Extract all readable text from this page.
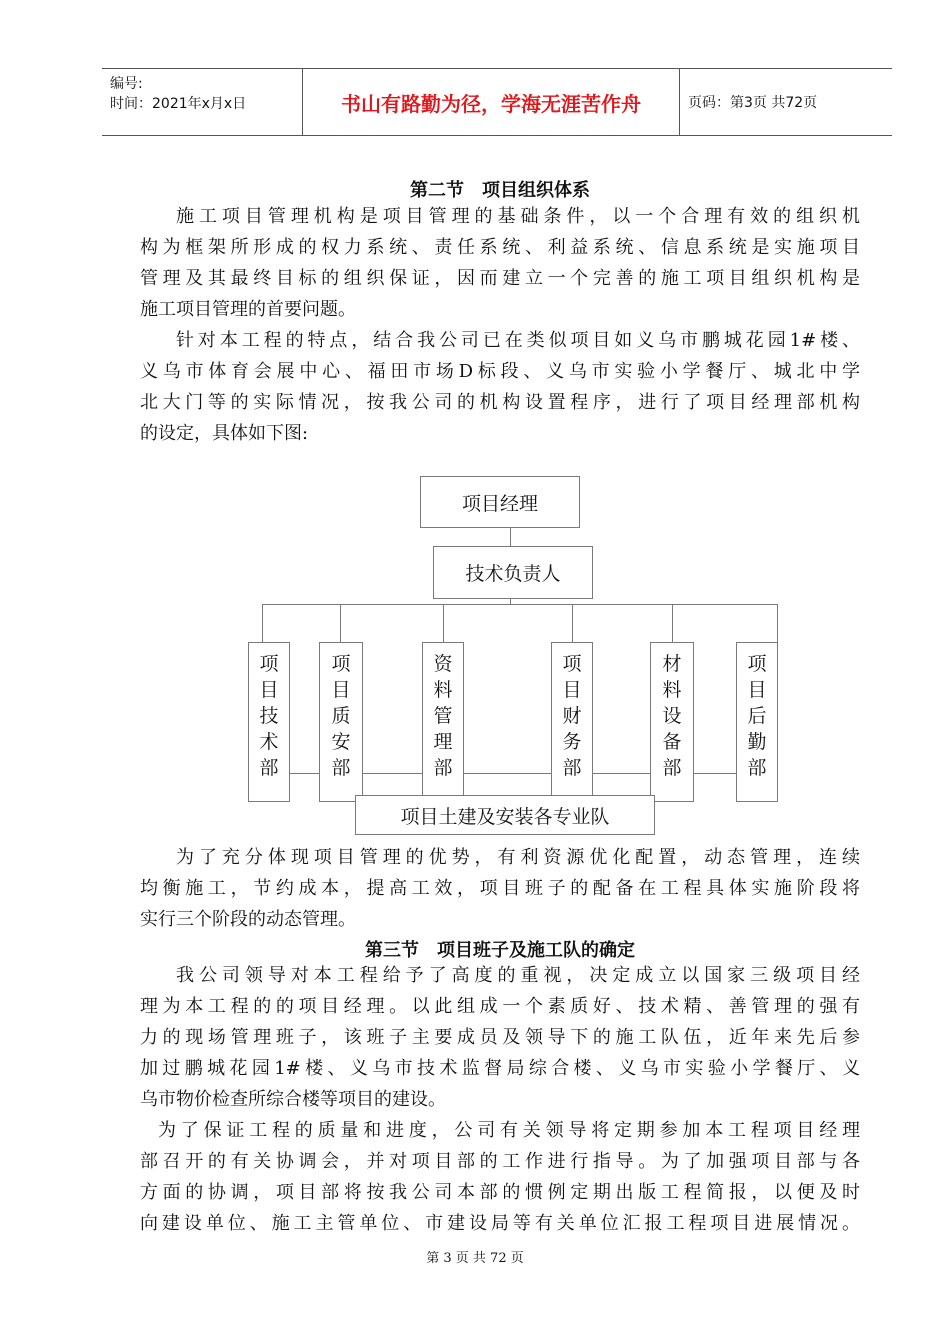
编号:
时间：2021年x月x日	书山有路勤为径，学海无涯苦作舟	页码：第3页 共72页
第二节　项目组织体系
施工项目管理机构是项目管理的基础条件，以一个合理有效的组织机
构为框架所形成的权力系统、责任系统、利益系统、信息系统是实施项目
管理及其最终目标的组织保证，因而建立一个完善的施工项目组织机构是
施工项目管理的首要问题。
针对本工程的特点，结合我公司已在类似项目如义乌市鹏城花园1#楼、
义乌市体育会展中心、福田市场D标段、义乌市实验小学餐厅、城北中学
北大门等的实际情况，按我公司的机构设置程序，进行了项目经理部机构
的设定，具体如下图:
项目经理
技术负责人
项目技术部
项目质安部
资料管理部
项目财务部
材料设备部
项目后勤部
项目土建及安装各专业队
为了充分体现项目管理的优势，有利资源优化配置，动态管理，连续
均衡施工，节约成本，提高工效，项目班子的配备在工程具体实施阶段将
实行三个阶段的动态管理。
第三节　项目班子及施工队的确定
我公司领导对本工程给予了高度的重视，决定成立以国家三级项目经
理为本工程的的项目经理。以此组成一个素质好、技术精、善管理的强有
力的现场管理班子，该班子主要成员及领导下的施工队伍，近年来先后参
加过鹏城花园1#楼、义乌市技术监督局综合楼、义乌市实验小学餐厅、义
乌市物价检查所综合楼等项目的建设。
为了保证工程的质量和进度，公司有关领导将定期参加本工程项目经理
部召开的有关协调会，并对项目部的工作进行指导。为了加强项目部与各
方面的协调，项目部将按我公司本部的惯例定期出版工程简报，以便及时
向建设单位、施工主管单位、市建设局等有关单位汇报工程项目进展情况。
第 3 页 共 72 页
